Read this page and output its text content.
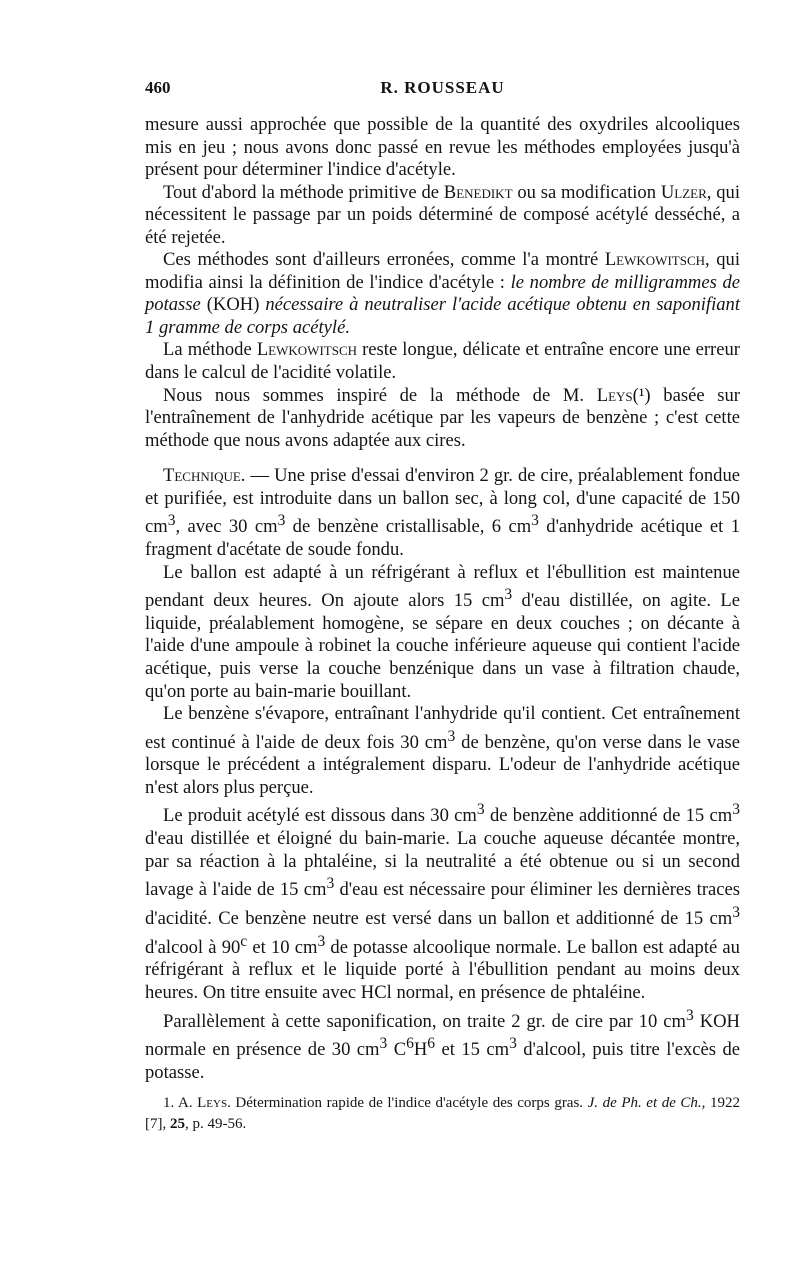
460	R. ROUSSEAU

mesure aussi approchée que possible de la quantité des oxydriles alcooliques mis en jeu ; nous avons donc passé en revue les méthodes employées jusqu'à présent pour déterminer l'indice d'acétyle.

Tout d'abord la méthode primitive de Benedikt ou sa modification Ulzer, qui nécessitent le passage par un poids déterminé de composé acétylé desséché, a été rejetée.

Ces méthodes sont d'ailleurs erronées, comme l'a montré Lewkowitsch, qui modifia ainsi la définition de l'indice d'acétyle : le nombre de milligrammes de potasse (KOH) nécessaire à neutraliser l'acide acétique obtenu en saponifiant 1 gramme de corps acétylé.

La méthode Lewkowitsch reste longue, délicate et entraîne encore une erreur dans le calcul de l'acidité volatile.

Nous nous sommes inspiré de la méthode de M. Leys(¹) basée sur l'entraînement de l'anhydride acétique par les vapeurs de benzène ; c'est cette méthode que nous avons adaptée aux cires.

Technique. — Une prise d'essai d'environ 2 gr. de cire, préalablement fondue et purifiée, est introduite dans un ballon sec, à long col, d'une capacité de 150 $cm^3$, avec 30 $cm^3$ de benzène cristallisable, 6 $cm^3$ d'anhydride acétique et 1 fragment d'acétate de soude fondu.

Le ballon est adapté à un réfrigérant à reflux et l'ébullition est maintenue pendant deux heures. On ajoute alors 15 $cm^3$ d'eau distillée, on agite. Le liquide, préalablement homogène, se sépare en deux couches ; on décante à l'aide d'une ampoule à robinet la couche inférieure aqueuse qui contient l'acide acétique, puis verse la couche benzénique dans un vase à filtration chaude, qu'on porte au bain-marie bouillant.

Le benzène s'évapore, entraînant l'anhydride qu'il contient. Cet entraînement est continué à l'aide de deux fois 30 $cm^3$ de benzène, qu'on verse dans le vase lorsque le précédent a intégralement disparu. L'odeur de l'anhydride acétique n'est alors plus perçue.

Le produit acétylé est dissous dans 30 $cm^3$ de benzène additionné de 15 $cm^3$ d'eau distillée et éloigné du bain-marie. La couche aqueuse décantée montre, par sa réaction à la phtaléine, si la neutralité a été obtenue ou si un second lavage à l'aide de 15 $cm^3$ d'eau est nécessaire pour éliminer les dernières traces d'acidité. Ce benzène neutre est versé dans un ballon et additionné de 15 $cm^3$ d'alcool à 90$^c$ et 10 $cm^3$ de potasse alcoolique normale. Le ballon est adapté au réfrigérant à reflux et le liquide porté à l'ébullition pendant au moins deux heures. On titre ensuite avec HCl normal, en présence de phtaléine.

Parallèlement à cette saponification, on traite 2 gr. de cire par 10 $cm^3$ KOH normale en présence de 30 $cm^3$ $C^6H^6$ et 15 $cm^3$ d'alcool, puis titre l'excès de potasse.

1. A. Leys. Détermination rapide de l'indice d'acétyle des corps gras. J. de Ph. et de Ch., 1922 [7], 25, p. 49-56.
